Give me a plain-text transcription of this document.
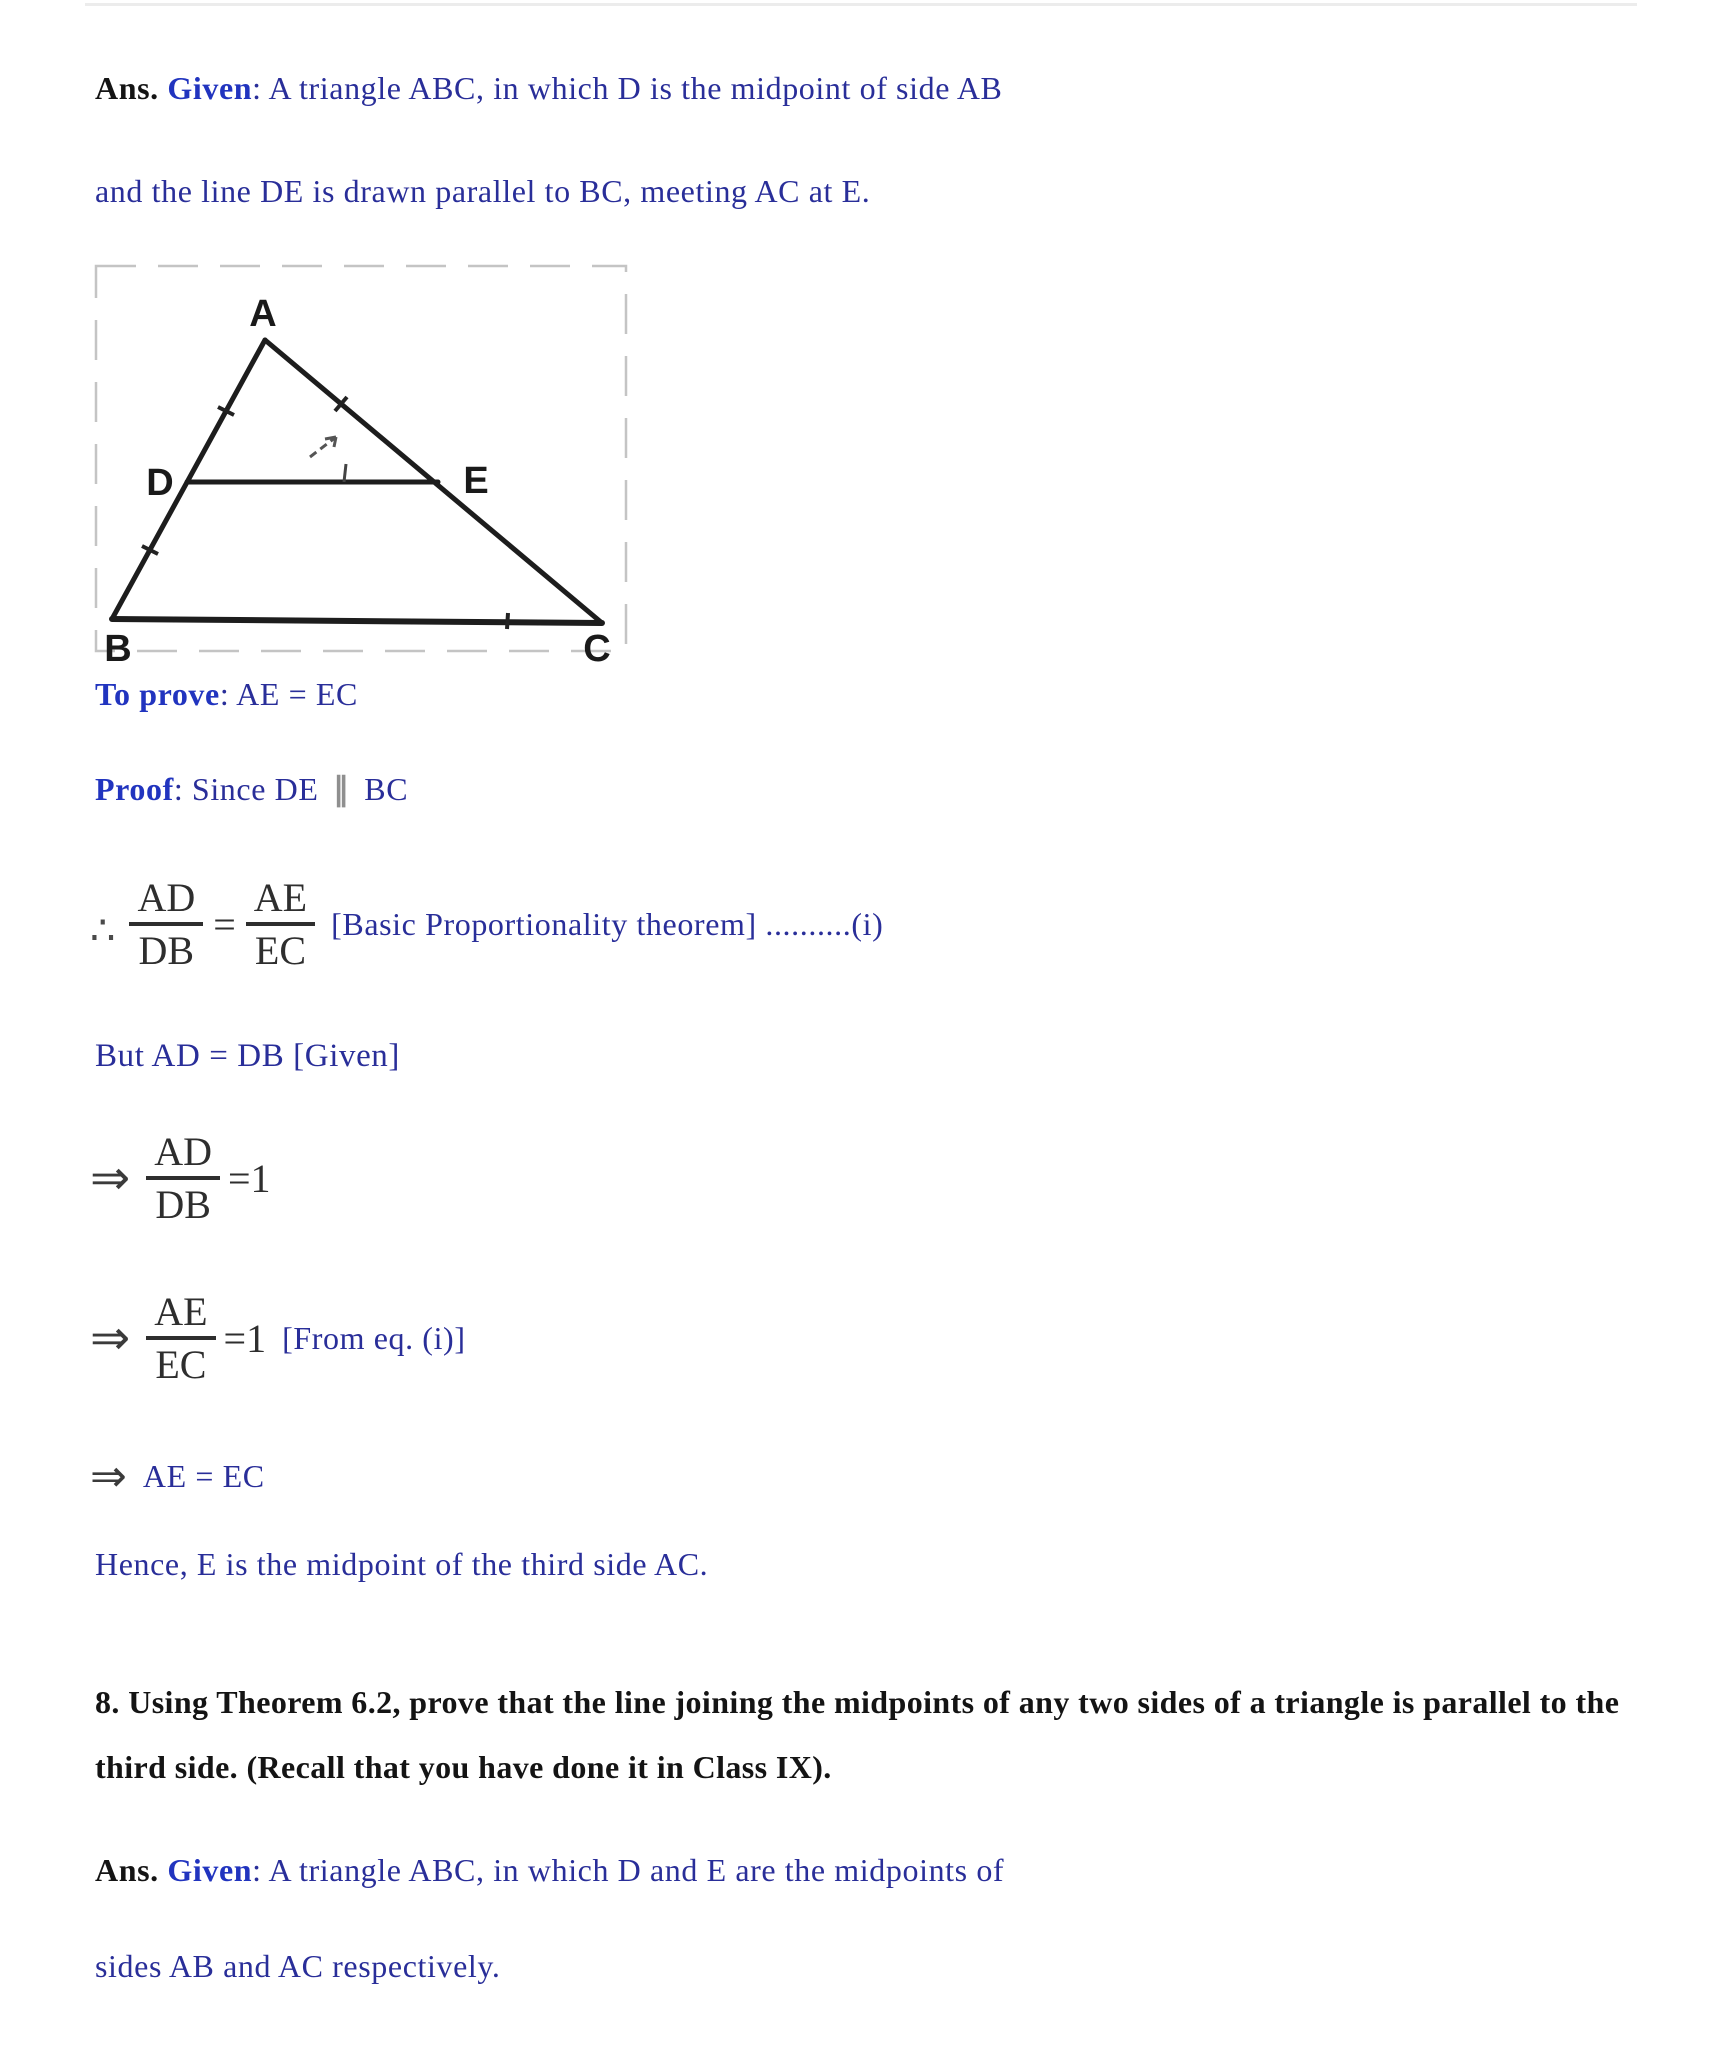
Ans. Given: A triangle ABC, in which D is the midpoint of side AB
and the line DE is drawn parallel to BC, meeting AC at E.
A
D	E
B	C
To prove: AE = EC
Proof: Since DE ∥ BC
∴ $\frac{AD}{DB} = \frac{AE}{EC}$ [Basic Proportionality theorem] ..........(i)
But AD = DB [Given]
⇒ $\frac{AD}{DB} =1$
⇒ $\frac{AE}{EC} =1$ [From eq. (i)]
⇒ AE = EC
Hence, E is the midpoint of the third side AC.
8. Using Theorem 6.2, prove that the line joining the midpoints of any two sides of a triangle is parallel to the third side. (Recall that you have done it in Class IX).
Ans. Given: A triangle ABC, in which D and E are the midpoints of
sides AB and AC respectively.
